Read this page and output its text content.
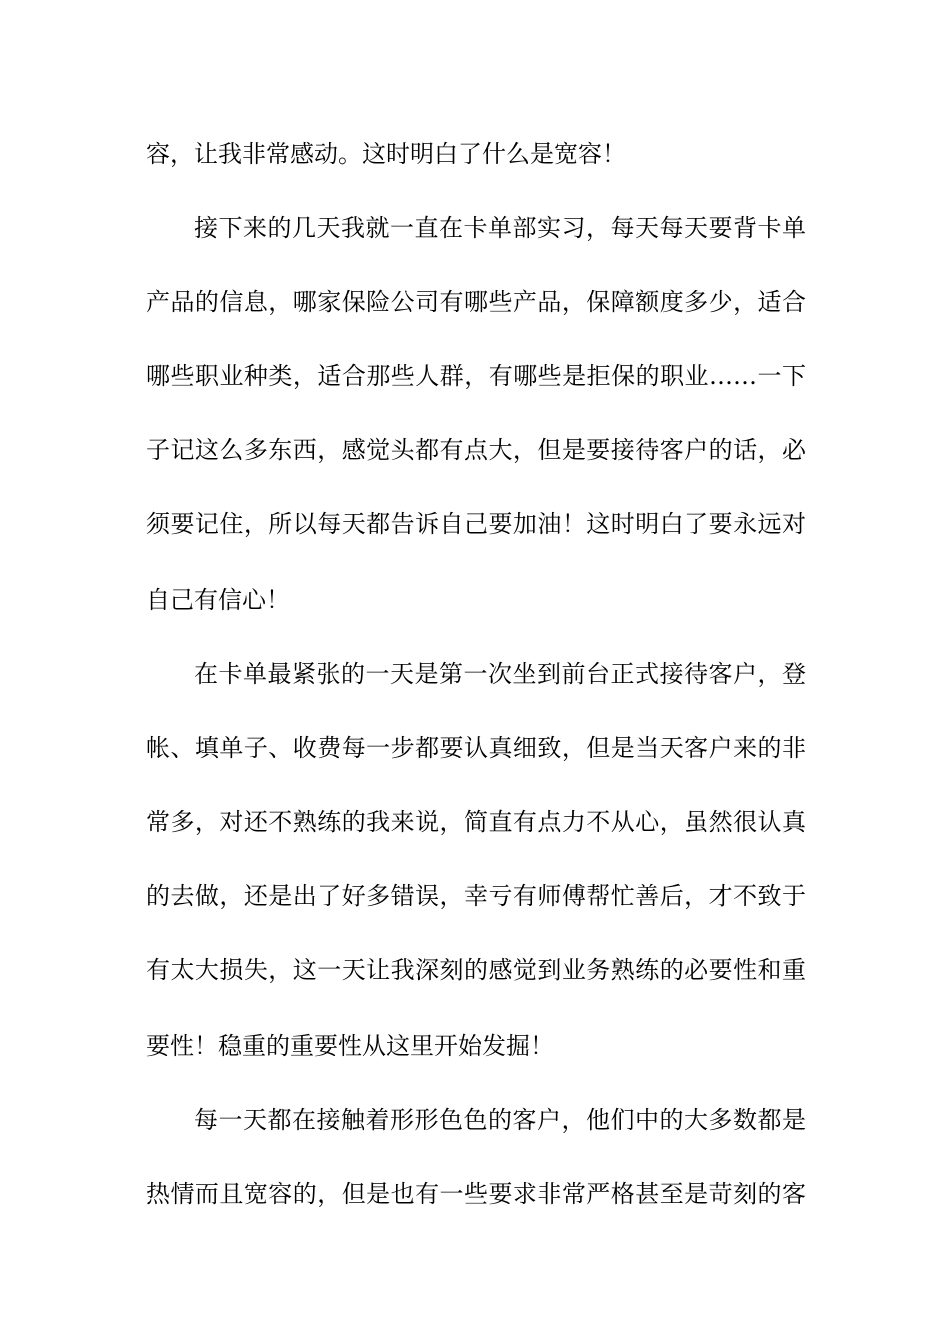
容，让我非常感动。这时明白了什么是宽容！
接下来的几天我就一直在卡单部实习，每天每天要背卡单
产品的信息，哪家保险公司有哪些产品，保障额度多少，适合
哪些职业种类，适合那些人群，有哪些是拒保的职业……一下
子记这么多东西，感觉头都有点大，但是要接待客户的话，必
须要记住，所以每天都告诉自己要加油！这时明白了要永远对
自己有信心！
在卡单最紧张的一天是第一次坐到前台正式接待客户，登
帐、填单子、收费每一步都要认真细致，但是当天客户来的非
常多，对还不熟练的我来说，简直有点力不从心，虽然很认真
的去做，还是出了好多错误，幸亏有师傅帮忙善后，才不致于
有太大损失，这一天让我深刻的感觉到业务熟练的必要性和重
要性！稳重的重要性从这里开始发掘！
每一天都在接触着形形色色的客户，他们中的大多数都是
热情而且宽容的，但是也有一些要求非常严格甚至是苛刻的客
